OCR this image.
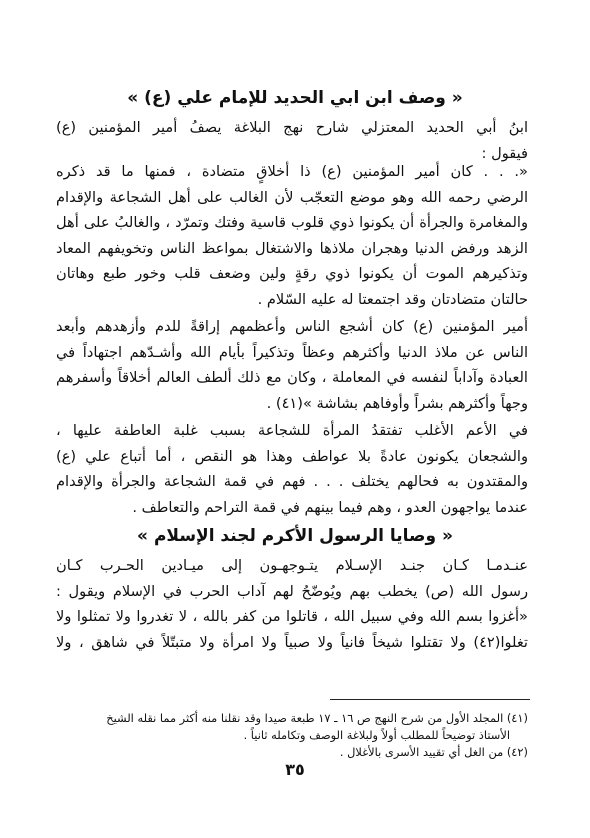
« وصف ابن ابي الحديد للإمام علي (ع) »
ابنُ أبي الحديد المعتزلي شارح نهج البلاغة يصفُ أمير المؤمنين (ع)
فيقول :
«. . . كان أمير المؤمنين (ع) ذا أخلاقٍ متضادة ، فمنها ما قد ذكره
الرضي رحمه الله وهو موضع التعجّب لأن الغالب على أهل الشجاعة والإقدام
والمغامرة والجرأة أن يكونوا ذوي قلوب قاسية وفتك وتمرّد ، والغالبُ على أهل
الزهد ورفض الدنيا وهجران ملاذها والاشتغال بمواعظ الناس وتخويفهم المعاد
وتذكيرهم الموت أن يكونوا ذوي رقةٍ ولين وضعف قلب وخور طبع وهاتان
حالتان متضادتان وقد اجتمعتا له عليه السّلام .
أمير المؤمنين (ع) كان أشجع الناس وأعظمهم إراقةً للدم وأزهدهم وأبعد
الناس عن ملاذ الدنيا وأكثرهم وعظاً وتذكيراً بأيام الله وأشـدّهم اجتهاداً في
العبادة وآداباً لنفسه في المعاملة ، وكان مع ذلك ألطف العالم أخلاقاً وأسفرهم
وجهاً وأكثرهم بشراً وأوفاهم بشاشة »(٤١) .
في الأعم الأغلب تفتقدُ المرأة للشجاعة بسبب غلبة العاطفة عليها ،
والشجعان يكونون عادةً بلا عواطف وهذا هو النقص ، أما أتباع علي (ع)
والمقتدون به فحالهم يختلف . . . فهم في قمة الشجاعة والجرأة والإقدام
عندما يواجهون العدو ، وهم فيما بينهم في قمة التراحم والتعاطف .
« وصايا الرسول الأكرم لجند الإسلام »
عنـدمـا كـان جنـد الإسـلام يتـوجهـون إلى ميـادين الحـرب كـان
رسول الله (ص) يخطب بهم ويُوضّحُ لهم آداب الحرب في الإسلام ويقول :
«أغزوا بسم الله وفي سبيل الله ، قاتلوا من كفر بالله ، لا تغدروا ولا تمثلوا ولا
تغلوا(٤٢) ولا تقتلوا شيخاً فانياً ولا صبياً ولا امرأة ولا متبتّلاً في شاهق ، ولا
(٤١) المجلد الأول من شرح النهج ص ١٦ ـ ١٧ طبعة صيدا وقد نقلنا منه أكثر مما نقله الشيخ
الأستاذ توضيحاً للمطلب أولاً ولبلاغة الوصف وتكامله ثانياً .
(٤٢) من الغل أي تقييد الأسرى بالأغلال .
٣٥
